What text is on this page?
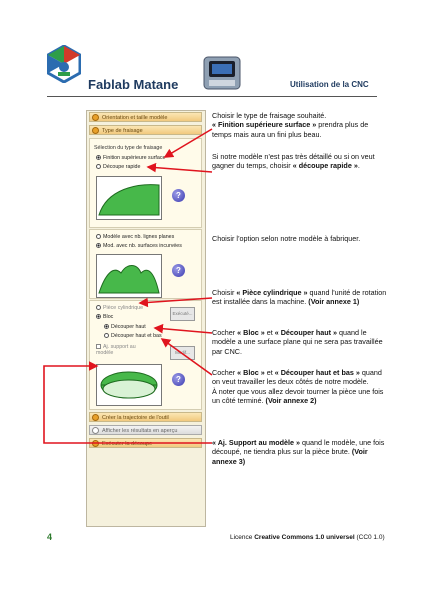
Fablab Matane	Utilisation de la CNC
Orientation et taille modèle
Type de fraisage
Sélection du type de fraisage
Finition supérieure surface
Découpe rapide
?
Modèle avec nb. lignes planes
Mod. avec nb. surfaces incurvées
?
Pièce cylindrique
Exécuté...
Bloc
Découper haut
Découper haut et bas
Aj. support au modèle	Modif...
?
Créer la trajectoire de l'outil
Afficher les résultats en aperçu
Exécuter la découpe
Choisir le type de fraisage souhaité.
« Finition supérieure surface » prendra plus de temps mais aura un fini plus beau.
Si notre modèle n’est pas très détaillé ou si on veut gagner du temps, choisir « découpe rapide ».
Choisir l’option selon notre modèle à fabriquer.
Choisir « Pièce cylindrique » quand l’unité de rotation est installée dans la machine. (Voir annexe 1)
Cocher « Bloc » et « Découper haut » quand le modèle a une surface plane qui ne sera pas travaillée par CNC.
Cocher « Bloc » et « Découper haut et bas » quand on veut travailler les deux côtés de notre modèle.
À noter que vous allez devoir tourner la pièce une fois un côté terminé. (Voir annexe 2)
« Aj. Support au modèle » quand le modèle, une fois découpé, ne tiendra plus sur la pièce brute. (Voir annexe 3)
4	Licence Creative Commons 1.0 universel (CC0 1.0)
